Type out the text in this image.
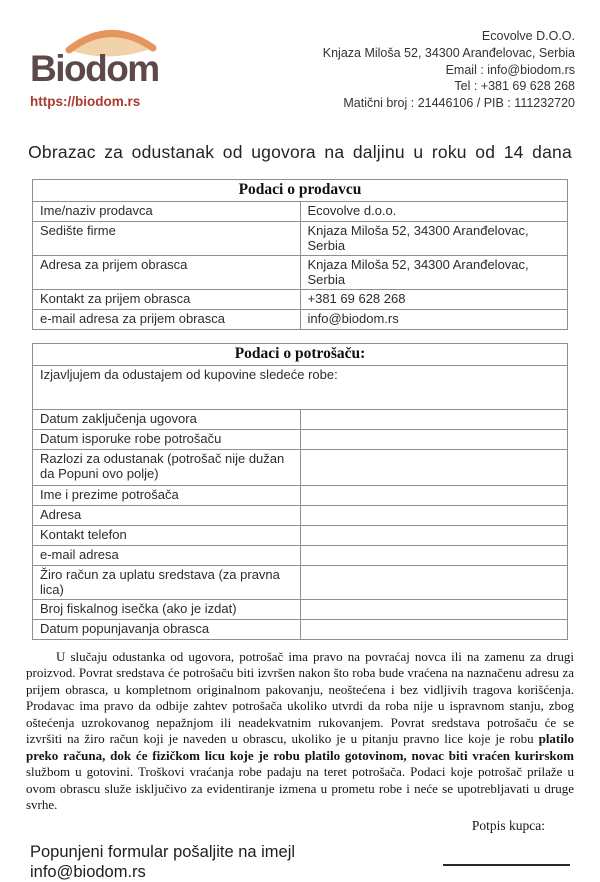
Biodom
https://biodom.rs
Ecovolve D.O.O.
Knjaza Miloša 52, 34300 Aranđelovac, Serbia
Email : info@biodom.rs
Tel : +381 69 628 268
Matični broj : 21446106 / PIB : 111232720
Obrazac za odustanak od ugovora na daljinu u roku od 14 dana
Podaci o prodavcu	
Ime/naziv prodavca	Ecovolve d.o.o.
Sedište firme	Knjaza Miloša 52, 34300 Aranđelovac, Serbia
Adresa za prijem obrasca	Knjaza Miloša 52, 34300 Aranđelovac, Serbia
Kontakt za prijem obrasca	+381 69 628 268
e-mail adresa za prijem obrasca	info@biodom.rs
Podaci o potrošaču:	
Izjavljujem da odustajem od kupovine sledeće robe:	
Datum zaključenja ugovora	
Datum isporuke robe potrošaču	
Razlozi za odustanak (potrošač nije dužan da Popuni ovo polje)	
Ime i prezime potrošača	
Adresa	
Kontakt telefon	
e-mail adresa	
Žiro račun za uplatu sredstava (za pravna lica)	
Broj fiskalnog isečka (ako je izdat)	
Datum popunjavanja obrasca	

U slučaju odustanka od ugovora, potrošač ima pravo na povraćaj novca ili na zamenu za drugi proizvod. Povrat sredstava će potrošaču biti izvršen nakon što roba bude vraćena na naznačenu adresu za prijem obrasca, u kompletnom originalnom pakovanju, neoštećena i bez vidljivih tragova korišćenja. Prodavac ima pravo da odbije zahtev potrošača ukoliko utvrdi da roba nije u ispravnom stanju, zbog oštećenja uzrokovanog nepažnjom ili neadekvatnim rukovanjem. Povrat sredstava potrošaču će se izvršiti na žiro račun koji je naveden u obrascu, ukoliko je u pitanju pravno lice koje je robu platilo preko računa, dok će fizičkom licu koje je robu platilo gotovinom, novac biti vraćen kurirskom službom u gotovini. Troškovi vraćanja robe padaju na teret potrošača. Podaci koje potrošač prilaže u ovom obrascu služe isključivo za evidentiranje izmena u prometu robe i neće se upotrebljavati u druge svrhe.

Potpis kupca:
Popunjeni formular pošaljite na imejl
info@biodom.rs
